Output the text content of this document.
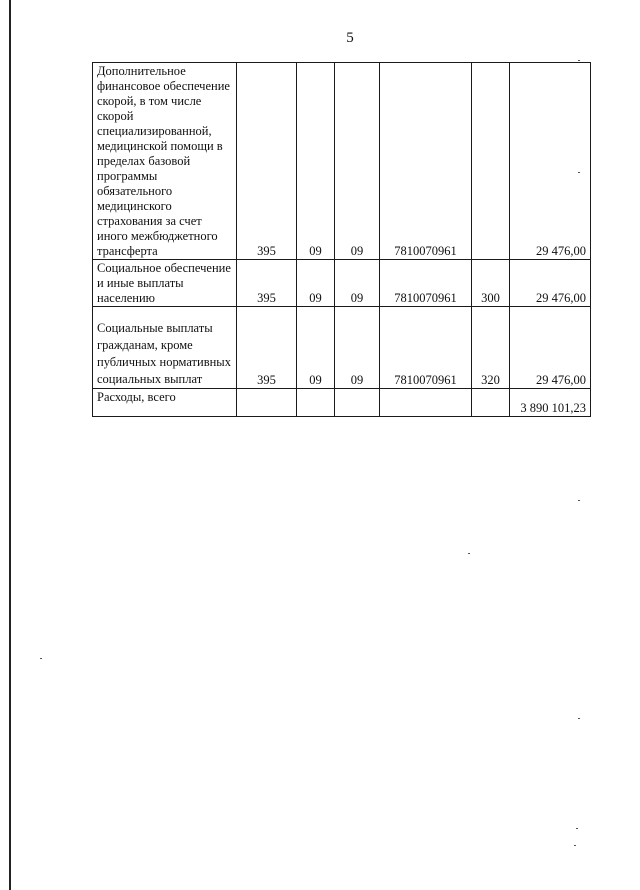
5
Дополнительное финансовое обеспечение скорой, в том числе скорой специализированной, медицинской помощи в пределах базовой программы обязательного медицинского страхования за счет иного межбюджетного трансферта	395	09	09	7810070961		29 476,00
Социальное обеспечение и иные выплаты населению	395	09	09	7810070961	300	29 476,00
Социальные выплаты гражданам, кроме публичных нормативных социальных выплат	395	09	09	7810070961	320	29 476,00
Расходы, всего						3 890 101,23
